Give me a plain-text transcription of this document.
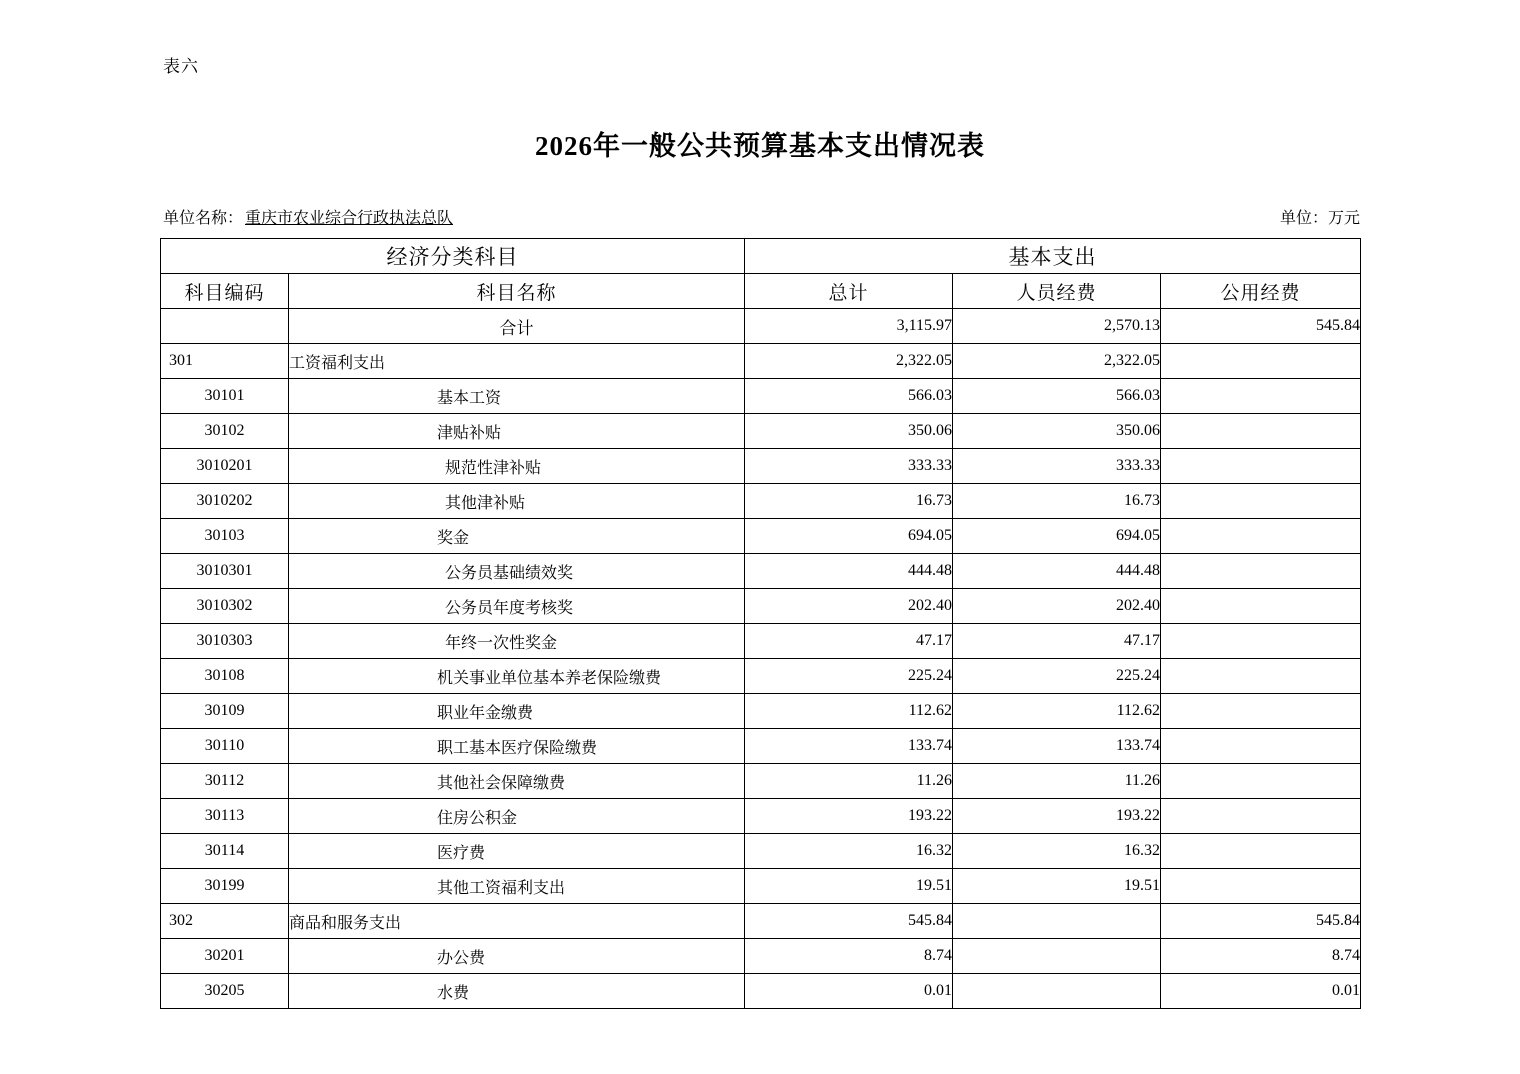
表六
2026年一般公共预算基本支出情况表
单位名称： 重庆市农业综合行政执法总队	单位：万元
经济分类科目		基本支出		
科目编码	科目名称	总计	人员经费	公用经费
	合计	3,115.97	2,570.13	545.84
301	工资福利支出	2,322.05	2,322.05	
30101	基本工资	566.03	566.03	
30102	津贴补贴	350.06	350.06	
3010201	规范性津补贴	333.33	333.33	
3010202	其他津补贴	16.73	16.73	
30103	奖金	694.05	694.05	
3010301	公务员基础绩效奖	444.48	444.48	
3010302	公务员年度考核奖	202.40	202.40	
3010303	年终一次性奖金	47.17	47.17	
30108	机关事业单位基本养老保险缴费	225.24	225.24	
30109	职业年金缴费	112.62	112.62	
30110	职工基本医疗保险缴费	133.74	133.74	
30112	其他社会保障缴费	11.26	11.26	
30113	住房公积金	193.22	193.22	
30114	医疗费	16.32	16.32	
30199	其他工资福利支出	19.51	19.51	
302	商品和服务支出	545.84		545.84
30201	办公费	8.74		8.74
30205	水费	0.01		0.01
